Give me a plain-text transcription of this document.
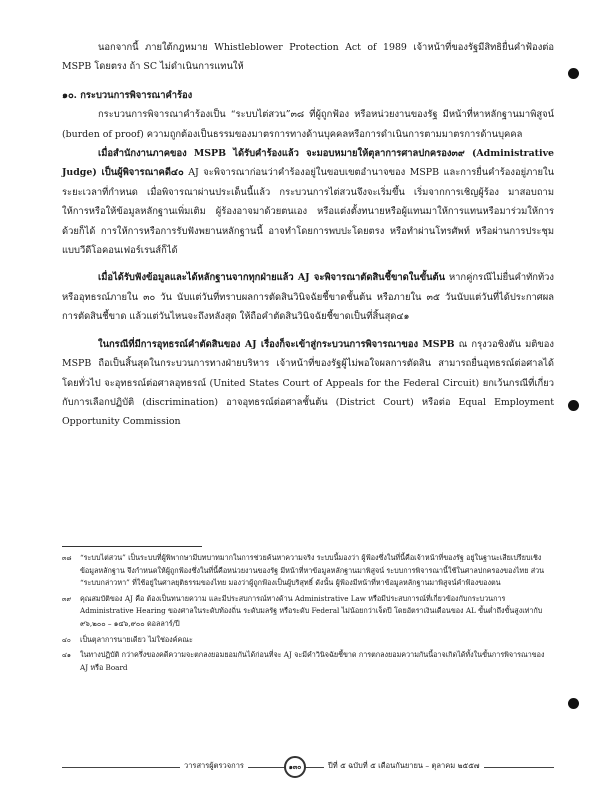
นอกจากนี้ ภายใต้กฎหมาย Whistleblower Protection Act of 1989 เจ้าหน้าที่ของรัฐมีสิทธิยื่นคำฟ้องต่อ MSPB โดยตรง ถ้า SC ไม่ดำเนินการแทนให้

๑๐. กระบวนการพิจารณาคำร้อง

กระบวนการพิจารณาคำร้องเป็น “ระบบไต่สวน”๓๘ ที่ผู้ถูกฟ้อง หรือหน่วยงานของรัฐ มีหน้าที่หาหลักฐานมาพิสูจน์ (burden of proof) ความถูกต้องเป็นธรรมของมาตรการทางด้านบุคคลหรือการดำเนินการตามมาตรการด้านบุคคล

เมื่อสำนักงานภาคของ MSPB ได้รับคำร้องแล้ว จะมอบหมายให้ตุลาการศาลปกครอง๓๙ (Administrative Judge) เป็นผู้พิจารณาคดี๔๐ AJ จะพิจารณาก่อนว่าคำร้องอยู่ในขอบเขตอำนาจของ MSPB และการยื่นคำร้องอยู่ภายในระยะเวลาที่กำหนด เมื่อพิจารณาผ่านประเด็นนี้แล้ว กระบวนการไต่สวนจึงจะเริ่มขึ้น เริ่มจากการเชิญผู้ร้อง มาสอบถามให้การหรือให้ข้อมูลหลักฐานเพิ่มเติม ผู้ร้องอาจมาด้วยตนเอง หรือแต่งตั้งทนายหรือผู้แทนมาให้การแทนหรือมาร่วมให้การด้วยก็ได้ การให้การหรือการรับฟังพยานหลักฐานนี้ อาจทำโดยการพบปะโดยตรง หรือทำผ่านโทรศัพท์ หรือผ่านการประชุมแบบวีดีโอคอนเฟอร์เรนส์ก็ได้

เมื่อได้รับฟังข้อมูลและได้หลักฐานจากทุกฝ่ายแล้ว AJ จะพิจารณาตัดสินชี้ขาดในขั้นต้น หากคู่กรณีไม่ยื่นคำทักท้วงหรืออุทธรณ์ภายใน ๓๐ วัน นับแต่วันที่ทราบผลการตัดสินวินิจฉัยชี้ขาดชั้นต้น หรือภายใน ๓๕ วันนับแต่วันที่ได้ประกาศผลการตัดสินชี้ขาด แล้วแต่วันไหนจะถึงหลังสุด ให้ถือคำตัดสินวินิจฉัยชี้ขาดเป็นที่สิ้นสุด๔๑

ในกรณีที่มีการอุทธรณ์คำตัดสินของ AJ เรื่องก็จะเข้าสู่กระบวนการพิจารณาของ MSPB ณ กรุงวอชิงตัน มติของ MSPB ถือเป็นสิ้นสุดในกระบวนการทางฝ่ายบริหาร เจ้าหน้าที่ของรัฐผู้ไม่พอใจผลการตัดสิน สามารถยื่นอุทธรณ์ต่อศาลได้ โดยทั่วไป จะอุทธรณ์ต่อศาลอุทธรณ์ (United States Court of Appeals for the Federal Circuit) ยกเว้นกรณีที่เกี่ยวกับการเลือกปฏิบัติ (discrimination) อาจอุทธรณ์ต่อศาลชั้นต้น (District Court) หรือต่อ Equal Employment Opportunity Commission

๓๘ “ระบบไต่สวน” เป็นระบบที่ผู้พิพากษามีบทบาทมากในการช่วยค้นหาความจริง ระบบนี้มองว่า ผู้ฟ้องซึ่งในที่นี้คือเจ้าหน้าที่ของรัฐ อยู่ในฐานะเสียเปรียบเชิงข้อมูลหลักฐาน จึงกำหนดให้ผู้ถูกฟ้องซึ่งในที่นี้คือหน่วยงานของรัฐ มีหน้าที่หาข้อมูลหลักฐานมาพิสูจน์ ระบบการพิจารณานี้ใช้ในศาลปกครองของไทย ส่วน “ระบบกล่าวหา” ที่ใช้อยู่ในศาลยุติธรรมของไทย มองว่าผู้ถูกฟ้องเป็นผู้บริสุทธิ์ ดังนั้น ผู้ฟ้องมีหน้าที่หาข้อมูลหลักฐานมาพิสูจน์คำฟ้องของตน
๓๙ คุณสมบัติของ AJ คือ ต้องเป็นทนายความ และมีประสบการณ์ทางด้าน Administrative Law หรือมีประสบการณ์ที่เกี่ยวข้องกับกระบวนการ Administrative Hearing ของศาลในระดับท้องถิ่น ระดับมลรัฐ หรือระดับ Federal ไม่น้อยกว่าเจ็ดปี โดยอัตราเงินเดือนของ AL ขั้นต่ำถึงขั้นสูงเท่ากับ ๙๖,๒๐๐ – ๑๔๖,๙๐๐ ดอลลาร์/ปี
๔๐ เป็นตุลาการนายเดียว ไม่ใช่องค์คณะ
๔๑ ในทางปฏิบัติ กว่าครึ่งของคดีความจะตกลงยอมยอมกันได้ก่อนที่จะ AJ จะมีคำวินิจฉัยชี้ขาด การตกลงยอมความกันนี้อาจเกิดได้ทั้งในขั้นการพิจารณาของ AJ หรือ Board
วารสารผู้ตรวจการ	๑๓๐	ปีที่ ๕ ฉบับที่ ๕ เดือนกันยายน – ตุลาคม ๒๕๕๗
